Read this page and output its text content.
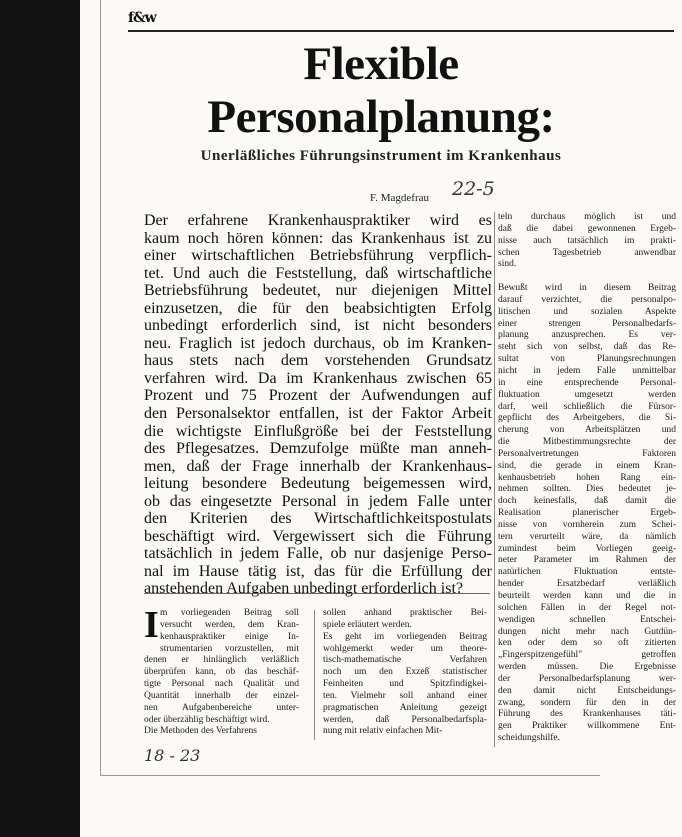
f&w
Flexible
Personalplanung:
Unerläßliches Führungsinstrument im Krankenhaus
F. Magdefrau 22-5

Der erfahrene Krankenhauspraktiker wird es

kaum noch hören können: das Krankenhaus ist zu

einer wirtschaftlichen Betriebsführung verpflich-

tet. Und auch die Feststellung, daß wirtschaftliche

Betriebsführung bedeutet, nur diejenigen Mittel

einzusetzen, die für den beabsichtigten Erfolg

unbedingt erforderlich sind, ist nicht besonders

neu. Fraglich ist jedoch durchaus, ob im Kranken-

haus stets nach dem vorstehenden Grundsatz

verfahren wird. Da im Krankenhaus zwischen 65

Prozent und 75 Prozent der Aufwendungen auf

den Personalsektor entfallen, ist der Faktor Arbeit

die wichtigste Einflußgröße bei der Feststellung

des Pflegesatzes. Demzufolge müßte man anneh-

men, daß der Frage innerhalb der Krankenhaus-

leitung besondere Bedeutung beigemessen wird,

ob das eingesetzte Personal in jedem Falle unter

den Kriterien des Wirtschaftlichkeitspostulats

beschäftigt wird. Vergewissert sich die Führung

tatsächlich in jedem Falle, ob nur dasjenige Perso-

nal im Hause tätig ist, das für die Erfüllung der

anstehenden Aufgaben unbedingt erforderlich ist?

I m vorliegenden Beitrag soll

versucht werden, dem Kran-

kenhauspraktiker einige In-

strumentarien vorzustellen, mit

denen er hinlänglich verläßlich

überprüfen kann, ob das beschäf-

tigte Personal nach Qualität und

Quantität innerhalb der einzel-

nen Aufgabenbereiche unter-

oder überzählig beschäftigt wird.

Die Methoden des Verfahrens

sollen anhand praktischer Bei-

spiele erläutert werden.

Es geht im vorliegenden Beitrag

wohlgemerkt weder um theore-

tisch-mathematische Verfahren

noch um den Exzeß statistischer

Feinheiten und Spitzfindigkei-

ten. Vielmehr soll anhand einer

pragmatischen Anleitung gezeigt

werden, daß Personalbedarfspla-

nung mit relativ einfachen Mit-

teln durchaus möglich ist und

daß die dabei gewonnenen Ergeb-

nisse auch tatsächlich im prakti-

schen Tagesbetrieb anwendbar

sind.

Bewußt wird in diesem Beitrag

darauf verzichtet, die personalpo-

litischen und sozialen Aspekte

einer strengen Personalbedarfs-

planung anzusprechen. Es ver-

steht sich von selbst, daß das Re-

sultat von Planungsrechnungen

nicht in jedem Falle unmittelbar

in eine entsprechende Personal-

fluktuation umgesetzt werden

darf, weil schließlich die Fürsor-

gepflicht des Arbeitgebers, die Si-

cherung von Arbeitsplätzen und

die Mitbestimmungsrechte der

Personalvertretungen Faktoren

sind, die gerade in einem Kran-

kenhausbetrieb hohen Rang ein-

nehmen sollten. Dies bedeutet je-

doch keinesfalls, daß damit die

Realisation planerischer Ergeb-

nisse von vornherein zum Schei-

tern verurteilt wäre, da nämlich

zumindest beim Vorliegen geeig-

neter Parameter im Rahmen der

natürlichen Fluktuation entste-

hender Ersatzbedarf verläßlich

beurteilt werden kann und die in

solchen Fällen in der Regel not-

wendigen schnellen Entschei-

dungen nicht mehr nach Gutdün-

ken oder dem so oft zitierten

„Fingerspitzengefühl" getroffen

werden müssen. Die Ergebnisse

der Personalbedarfsplanung wer-

den damit nicht Entscheidungs-

zwang, sondern für den in der

Führung des Krankenhauses täti-

gen Praktiker willkommene Ent-

scheidungshilfe.

18 - 23
